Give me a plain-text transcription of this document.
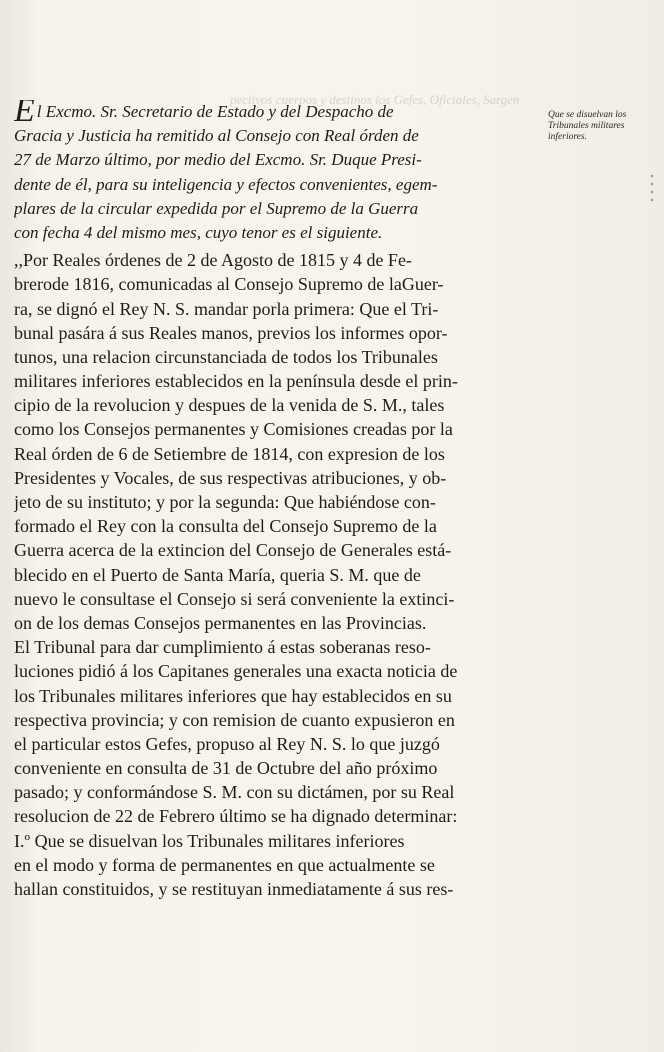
pectivos cuerpos y destinos los Gefes, Oficiales, Sargen
Que se disuelvan los Tribunales militares inferiores.
El Excmo. Sr. Secretario de Estado y del Despacho de
Gracia y Justicia ha remitido al Consejo con Real órden de
27 de Marzo último, por medio del Excmo. Sr. Duque Presi-
dente de él, para su inteligencia y efectos convenientes, egem-
plares de la circular expedida por el Supremo de la Guerra
con fecha 4 del mismo mes, cuyo tenor es el siguiente.
,,Por Reales órdenes de 2 de Agosto de 1815 y 4 de Fe-
brerode 1816, comunicadas al Consejo Supremo de laGuer-
ra, se dignó el Rey N. S. mandar porla primera: Que el Tri-
bunal pasára á sus Reales manos, previos los informes opor-
tunos, una relacion circunstanciada de todos los Tribunales
militares inferiores establecidos en la península desde el prin-
cipio de la revolucion y despues de la venida de S. M., tales
como los Consejos permanentes y Comisiones creadas por la
Real órden de 6 de Setiembre de 1814, con expresion de los
Presidentes y Vocales, de sus respectivas atribuciones, y ob-
jeto de su instituto; y por la segunda: Que habiéndose con-
formado el Rey con la consulta del Consejo Supremo de la
Guerra acerca de la extincion del Consejo de Generales está-
blecido en el Puerto de Santa María, queria S. M. que de
nuevo le consultase el Consejo si será conveniente la extinci-
on de los demas Consejos permanentes en las Provincias.
El Tribunal para dar cumplimiento á estas soberanas reso-
luciones pidió á los Capitanes generales una exacta noticia de
los Tribunales militares inferiores que hay establecidos en su
respectiva provincia; y con remision de cuanto expusieron en
el particular estos Gefes, propuso al Rey N. S. lo que juzgó
conveniente en consulta de 31 de Octubre del año próximo
pasado; y conformándose S. M. con su dictámen, por su Real
resolucion de 22 de Febrero último se ha dignado determinar:
I.º Que se disuelvan los Tribunales militares inferiores
en el modo y forma de permanentes en que actualmente se
hallan constituidos, y se restituyan inmediatamente á sus res-
